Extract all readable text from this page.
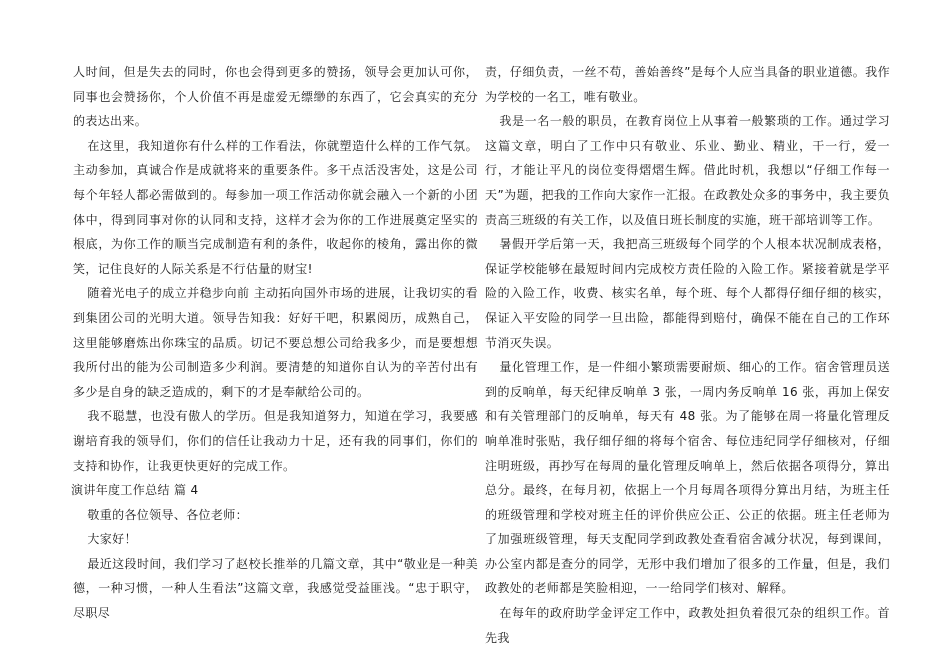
人时间，但是失去的同时，你也会得到更多的赞扬，领导会更加认可你，同事也会赞扬你，个人价值不再是虚爱无缥缈的东西了，它会真实的充分的表达出来。

在这里，我知道你有什么样的工作看法，你就塑造什么样的工作气氛。主动参加，真诚合作是成就将来的重要条件。多干点活没害处，这是公司每个年轻人都必需做到的。每参加一项工作活动你就会融入一个新的小团体中，得到同事对你的认同和支持，这样才会为你的工作进展奠定坚实的根底，为你工作的顺当完成制造有利的条件，收起你的棱角，露出你的微笑，记住良好的人际关系是不行估量的财宝!

随着光电子的成立并稳步向前 主动拓向国外市场的进展，让我切实的看到集团公司的光明大道。领导告知我：好好干吧，积累阅历，成熟自己，这里能够磨炼出你珠宝的品质。切记不要总想公司给我多少，而是要想想我所付出的能为公司制造多少利润。要清楚的知道你自认为的辛苦付出有多少是自身的缺乏造成的，剩下的才是奉献给公司的。

我不聪慧，也没有傲人的学历。但是我知道努力，知道在学习，我要感谢培育我的领导们，你们的信任让我动力十足，还有我的同事们，你们的支持和协作，让我更快更好的完成工作。

演讲年度工作总结 篇 4

敬重的各位领导、各位老师：

大家好！

最近这段时间，我们学习了赵校长推举的几篇文章，其中“敬业是一种美德，一种习惯，一种人生看法”这篇文章，我感觉受益匪浅。“忠于职守，尽职尽

责，仔细负责，一丝不苟，善始善终”是每个人应当具备的职业道德。我作为学校的一名工，唯有敬业。

我是一名一般的职员，在教育岗位上从事着一般繁琐的工作。通过学习这篇文章，明白了工作中只有敬业、乐业、勤业、精业，干一行，爱一行，才能让平凡的岗位变得熠熠生辉。借此时机，我想以“仔细工作每一天”为题，把我的工作向大家作一汇报。在政教处众多的事务中，我主要负责高三班级的有关工作，以及值日班长制度的实施，班干部培训等工作。

暑假开学后第一天，我把高三班级每个同学的个人根本状况制成表格，保证学校能够在最短时间内完成校方责任险的入险工作。紧接着就是学平险的入险工作，收费、核实名单，每个班、每个人都得仔细仔细的核实，保证入平安险的同学一旦出险，都能得到赔付，确保不能在自己的工作环节消灭失误。

量化管理工作，是一件细小繁琐需要耐烦、细心的工作。宿舍管理员送到的反响单，每天纪律反响单 3 张，一周内务反响单 16 张，再加上保安和有关管理部门的反响单，每天有 48 张。为了能够在周一将量化管理反响单准时张贴，我仔细仔细的将每个宿舍、每位违纪同学仔细核对，仔细注明班级，再抄写在每周的量化管理反响单上，然后依据各项得分，算出总分。最终，在每月初，依据上一个月每周各项得分算出月结，为班主任的班级管理和学校对班主任的评价供应公正、公正的依据。班主任老师为了加强班级管理，每天支配同学到政教处查看宿舍减分状况，每到课间，办公室内都是查分的同学，无形中我们增加了很多的工作量，但是，我们政教处的老师都是笑脸相迎，一一给同学们核对、解释。

在每年的政府助学金评定工作中，政教处担负着很冗杂的组织工作。首先我
